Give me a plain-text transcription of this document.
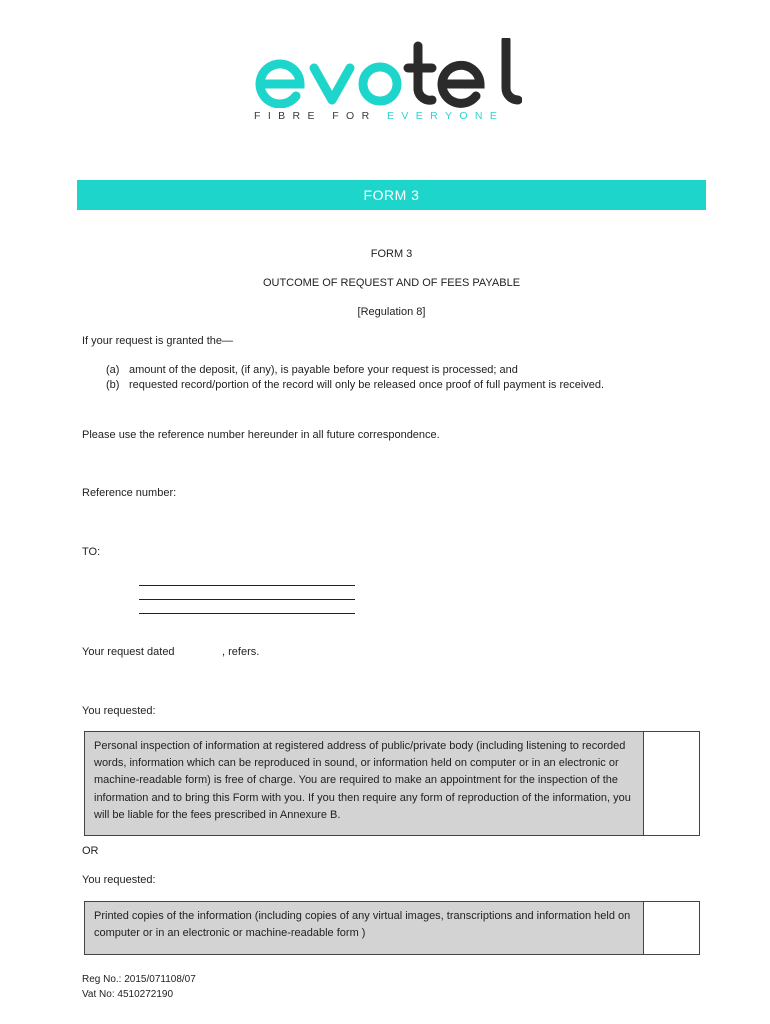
FIBRE FOR EVERYONE
FORM 3
FORM 3
OUTCOME OF REQUEST AND OF FEES PAYABLE
[Regulation 8]
If your request is granted the—
(a) amount of the deposit, (if any), is payable before your request is processed; and
(b) requested record/portion of the record will only be released once proof of full payment is received.
Please use the reference number hereunder in all future correspondence.
Reference number:
TO:
Your request dated	, refers.
You requested:
Personal inspection of information at registered address of public/private body (including listening to recorded words, information which can be reproduced in sound, or information held on computer or in an electronic or machine-readable form) is free of charge. You are required to make an appointment for the inspection of the information and to bring this Form with you. If you then require any form of reproduction of the information, you will be liable for the fees prescribed in Annexure B.
OR
You requested:
Printed copies of the information (including copies of any virtual images, transcriptions and information held on computer or in an electronic or machine-readable form )
Reg No.: 2015/071108/07
Vat No: 4510272190
